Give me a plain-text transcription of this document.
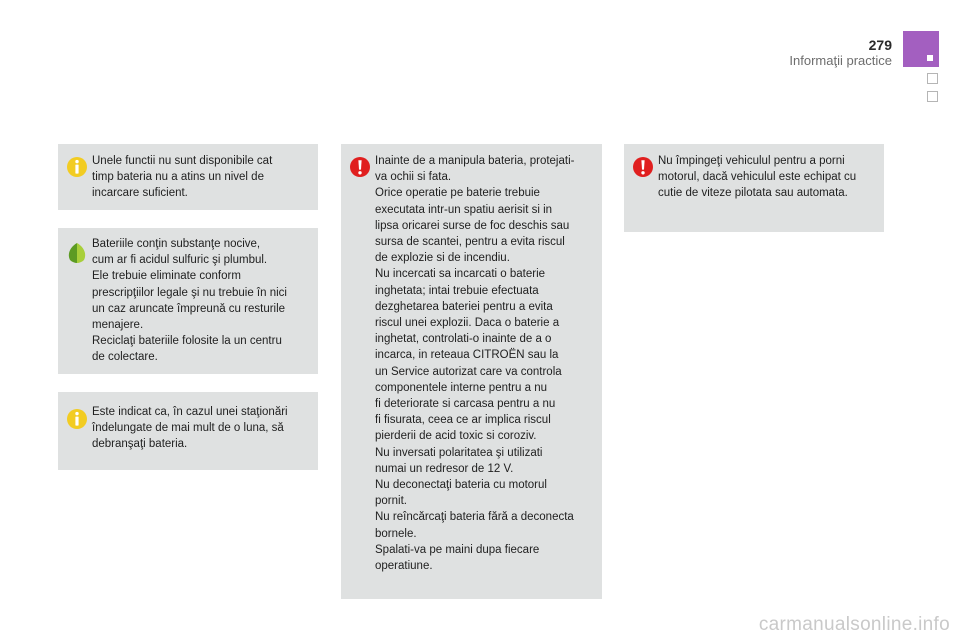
279
Informaţii practice

Unele functii nu sunt disponibile cat

timp bateria nu a atins un nivel de

incarcare suficient.

Bateriile conţin substanţe nocive,

cum ar fi acidul sulfuric şi plumbul.

Ele trebuie eliminate conform

prescripţiilor legale şi nu trebuie în nici

un caz aruncate împreună cu resturile

menajere.

Reciclaţi bateriile folosite la un centru

de colectare.

Este indicat ca, în cazul unei staţionări

îndelungate de mai mult de o luna, să

debranşaţi bateria.

Inainte de a manipula bateria, protejati-

va ochii si fata.

Orice operatie pe baterie trebuie

executata intr-un spatiu aerisit si in

lipsa oricarei surse de foc deschis sau

sursa de scantei, pentru a evita riscul

de explozie si de incendiu.

Nu incercati sa incarcati o baterie

inghetata; intai trebuie efectuata

dezghetarea bateriei pentru a evita

riscul unei explozii. Daca o baterie a

inghetat, controlati-o inainte de a o

incarca, in reteaua CITROËN sau la

un Service autorizat care va controla

componentele interne pentru a nu

fi deteriorate si carcasa pentru a nu

fi fisurata, ceea ce ar implica riscul

pierderii de acid toxic si coroziv.

Nu inversati polaritatea şi utilizati

numai un redresor de 12 V.

Nu deconectaţi bateria cu motorul

pornit.

Nu reîncărcaţi bateria fără a deconecta

bornele.

Spalati-va pe maini dupa fiecare

operatiune.

Nu împingeţi vehiculul pentru a porni

motorul, dacă vehiculul este echipat cu

cutie de viteze pilotata sau automata.

carmanualsonline.info
